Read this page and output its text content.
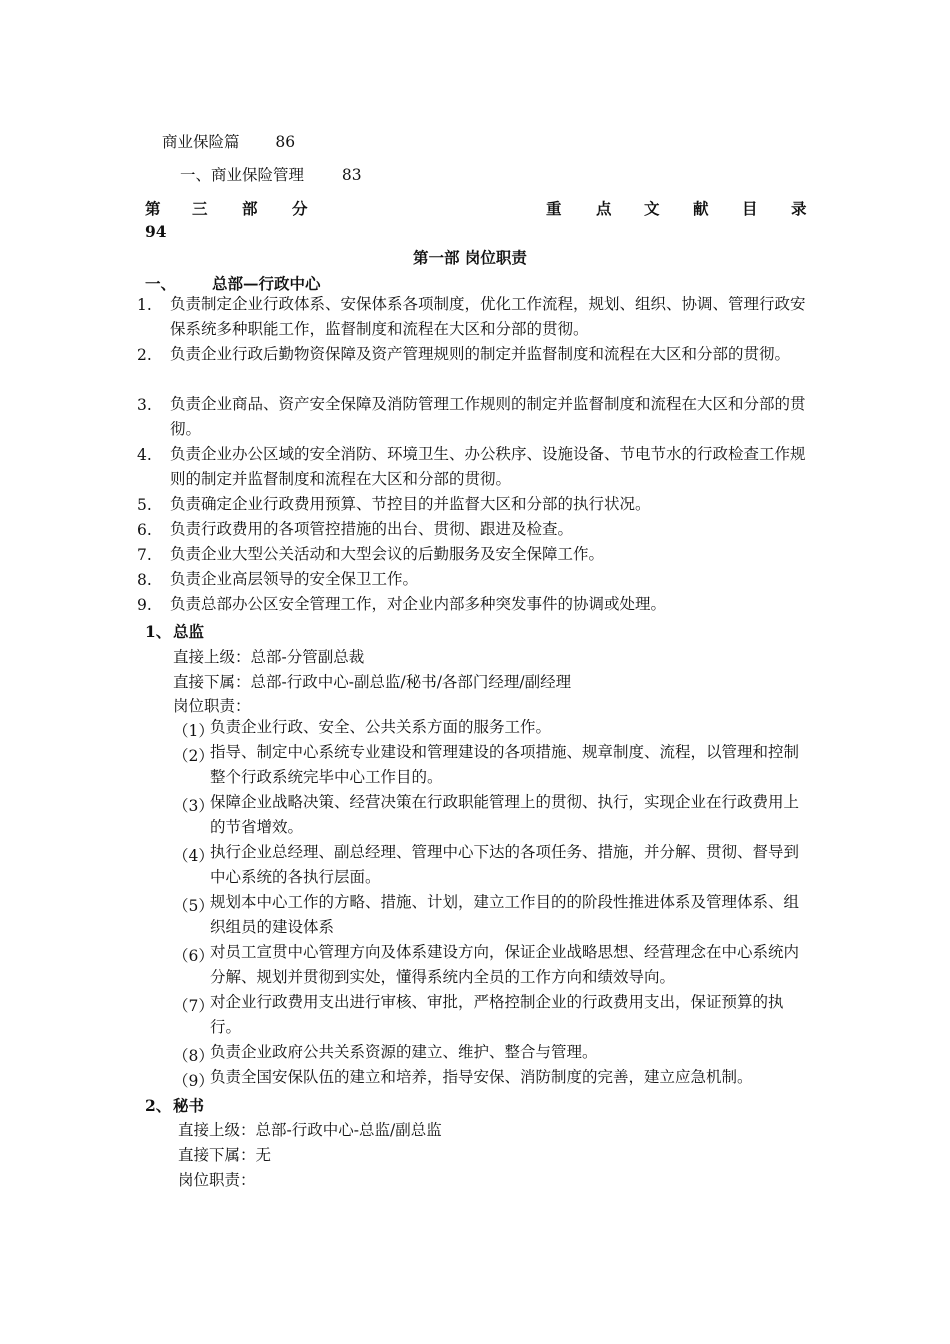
商业保险篇 86
一、商业保险管理 83
第 三 部 分	重 点 文 献 目 录
94
第一部 岗位职责
一、 总部—行政中心
1. 负责制定企业行政体系、安保体系各项制度，优化工作流程，规划、组织、协调、管理行政安保系统多种职能工作，监督制度和流程在大区和分部的贯彻。
2. 负责企业行政后勤物资保障及资产管理规则的制定并监督制度和流程在大区和分部的贯彻。
3. 负责企业商品、资产安全保障及消防管理工作规则的制定并监督制度和流程在大区和分部的贯彻。
4. 负责企业办公区域的安全消防、环境卫生、办公秩序、设施设备、节电节水的行政检查工作规则的制定并监督制度和流程在大区和分部的贯彻。
5. 负责确定企业行政费用预算、节控目的并监督大区和分部的执行状况。
6. 负责行政费用的各项管控措施的出台、贯彻、跟进及检查。
7. 负责企业大型公关活动和大型会议的后勤服务及安全保障工作。
8. 负责企业高层领导的安全保卫工作。
9. 负责总部办公区安全管理工作，对企业内部多种突发事件的协调或处理。
1、 总监
直接上级：总部-分管副总裁
直接下属：总部-行政中心-副总监/秘书/各部门经理/副经理
岗位职责：
（1）
负责企业行政、安全、公共关系方面的服务工作。
（2）
指导、制定中心系统专业建设和管理建设的各项措施、规章制度、流程，以管理和控制整个行政系统完毕中心工作目的。
（3）
保障企业战略决策、经营决策在行政职能管理上的贯彻、执行，实现企业在行政费用上的节省增效。
（4）
执行企业总经理、副总经理、管理中心下达的各项任务、措施，并分解、贯彻、督导到中心系统的各执行层面。
（5）
规划本中心工作的方略、措施、计划，建立工作目的的阶段性推进体系及管理体系、组织组员的建设体系
（6）
对员工宣贯中心管理方向及体系建设方向，保证企业战略思想、经营理念在中心系统内分解、规划并贯彻到实处，懂得系统内全员的工作方向和绩效导向。
（7）
对企业行政费用支出进行审核、审批，严格控制企业的行政费用支出，保证预算的执行。
（8）
负责企业政府公共关系资源的建立、维护、整合与管理。
（9）
负责全国安保队伍的建立和培养，指导安保、消防制度的完善，建立应急机制。
2、 秘书
直接上级：总部-行政中心-总监/副总监
直接下属：无
岗位职责：
